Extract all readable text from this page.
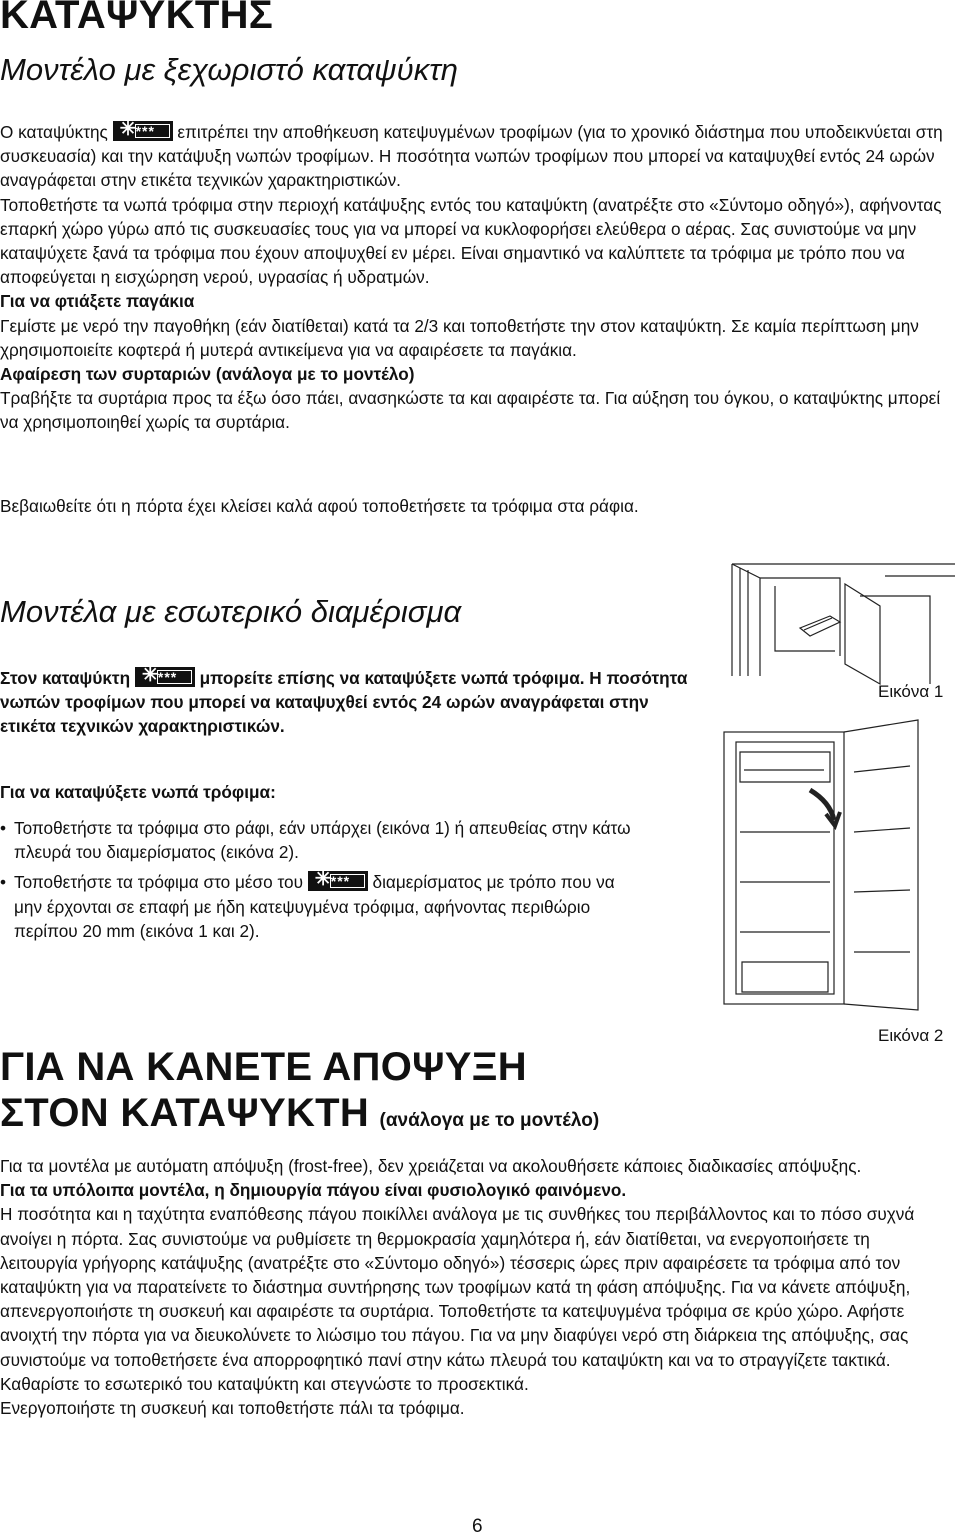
ΚΑΤΑΨΥΚΤΗΣ
Μοντέλο με ξεχωριστό καταψύκτη

Ο καταψύκτης ✳ *** επιτρέπει την αποθήκευση κατεψυγμένων τροφίμων (για το χρονικό διάστημα που υποδεικνύεται στη συσκευασία) και την κατάψυξη νωπών τροφίμων. Η ποσότητα νωπών τροφίμων που μπορεί να καταψυχθεί εντός 24 ωρών αναγράφεται στην ετικέτα τεχνικών χαρακτηριστικών.

Τοποθετήστε τα νωπά τρόφιμα στην περιοχή κατάψυξης εντός του καταψύκτη (ανατρέξτε στο «Σύντομο οδηγό»), αφήνοντας επαρκή χώρο γύρω από τις συσκευασίες τους για να μπορεί να κυκλοφορήσει ελεύθερα ο αέρας. Σας συνιστούμε να μην καταψύχετε ξανά τα τρόφιμα που έχουν αποψυχθεί εν μέρει. Είναι σημαντικό να καλύπτετε τα τρόφιμα με τρόπο που να αποφεύγεται η εισχώρηση νερού, υγρασίας ή υδρατμών.

Για να φτιάξετε παγάκια

Γεμίστε με νερό την παγοθήκη (εάν διατίθεται) κατά τα 2/3 και τοποθετήστε την στον καταψύκτη. Σε καμία περίπτωση μην χρησιμοποιείτε κοφτερά ή μυτερά αντικείμενα για να αφαιρέσετε τα παγάκια.

Αφαίρεση των συρταριών (ανάλογα με το μοντέλο)

Τραβήξτε τα συρτάρια προς τα έξω όσο πάει, ανασηκώστε τα και αφαιρέστε τα. Για αύξηση του όγκου, ο καταψύκτης μπορεί να χρησιμοποιηθεί χωρίς τα συρτάρια.

Βεβαιωθείτε ότι η πόρτα έχει κλείσει καλά αφού τοποθετήσετε τα τρόφιμα στα ράφια.
Μοντέλα με εσωτερικό διαμέρισμα
Στον καταψύκτη ✳ *** μπορείτε επίσης να καταψύξετε νωπά τρόφιμα. Η ποσότητα νωπών τροφίμων που μπορεί να καταψυχθεί εντός 24 ωρών αναγράφεται στην ετικέτα τεχνικών χαρακτηριστικών.
Για να καταψύξετε νωπά τρόφιμα:
• Τοποθετήστε τα τρόφιμα στο ράφι, εάν υπάρχει (εικόνα 1) ή απευθείας στην κάτω πλευρά του διαμερίσματος (εικόνα 2).
• Τοποθετήστε τα τρόφιμα στο μέσο του ✳ *** διαμερίσματος με τρόπο που να μην έρχονται σε επαφή με ήδη κατεψυγμένα τρόφιμα, αφήνοντας περιθώριο περίπου 20 mm (εικόνα 1 και 2).
Εικόνα 1
Εικόνα 2
ΓΙΑ ΝΑ ΚΑΝΕΤΕ ΑΠΟΨΥΞΗ
ΣΤΟΝ ΚΑΤΑΨΥΚΤΗ (ανάλογα με το μοντέλο)

Για τα μοντέλα με αυτόματη απόψυξη (frost-free), δεν χρειάζεται να ακολουθήσετε κάποιες διαδικασίες απόψυξης.

Για τα υπόλοιπα μοντέλα, η δημιουργία πάγου είναι φυσιολογικό φαινόμενο.

Η ποσότητα και η ταχύτητα εναπόθεσης πάγου ποικίλλει ανάλογα με τις συνθήκες του περιβάλλοντος και το πόσο συχνά ανοίγει η πόρτα. Σας συνιστούμε να ρυθμίσετε τη θερμοκρασία χαμηλότερα ή, εάν διατίθεται, να ενεργοποιήσετε τη λειτουργία γρήγορης κατάψυξης (ανατρέξτε στο «Σύντομο οδηγό») τέσσερις ώρες πριν αφαιρέσετε τα τρόφιμα από τον καταψύκτη για να παρατείνετε το διάστημα συντήρησης των τροφίμων κατά τη φάση απόψυξης. Για να κάνετε απόψυξη, απενεργοποιήστε τη συσκευή και αφαιρέστε τα συρτάρια. Τοποθετήστε τα κατεψυγμένα τρόφιμα σε κρύο χώρο. Αφήστε ανοιχτή την πόρτα για να διευκολύνετε το λιώσιμο του πάγου. Για να μην διαφύγει νερό στη διάρκεια της απόψυξης, σας συνιστούμε να τοποθετήσετε ένα απορροφητικό πανί στην κάτω πλευρά του καταψύκτη και να το στραγγίζετε τακτικά.

Καθαρίστε το εσωτερικό του καταψύκτη και στεγνώστε το προσεκτικά.

Ενεργοποιήστε τη συσκευή και τοποθετήστε πάλι τα τρόφιμα.

6
